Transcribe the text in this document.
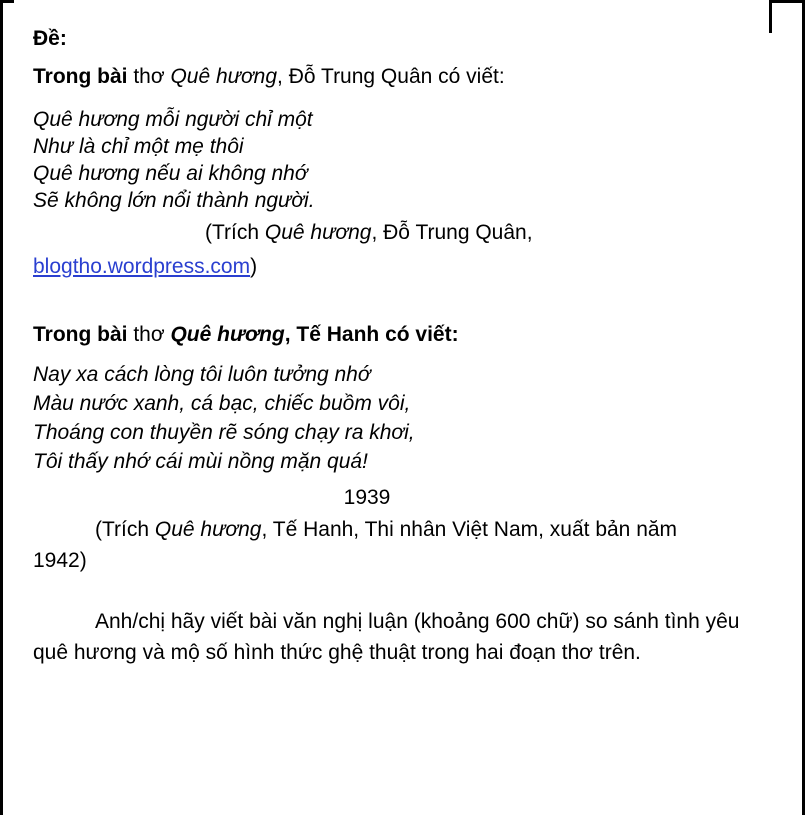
Đề:
Trong bài thơ Quê hương, Đỗ Trung Quân có viết:
Quê hương mỗi người chỉ một
Như là chỉ một mẹ thôi
Quê hương nếu ai không nhớ
Sẽ không lớn nổi thành người.
(Trích Quê hương, Đỗ Trung Quân,
blogtho.wordpress.com)
Trong bài thơ Quê hương, Tế Hanh có viết:
Nay xa cách lòng tôi luôn tưởng nhớ
Màu nước xanh, cá bạc, chiếc buồm vôi,
Thoáng con thuyền rẽ sóng chạy ra khơi,
Tôi thấy nhớ cái mùi nồng mặn quá!
1939
(Trích Quê hương, Tế Hanh, Thi nhân Việt Nam, xuất bản năm
1942)
Anh/chị hãy viết bài văn nghị luận (khoảng 600 chữ) so sánh tình yêu quê hương và mộ số hình thức ghệ thuật trong hai đoạn thơ trên.
